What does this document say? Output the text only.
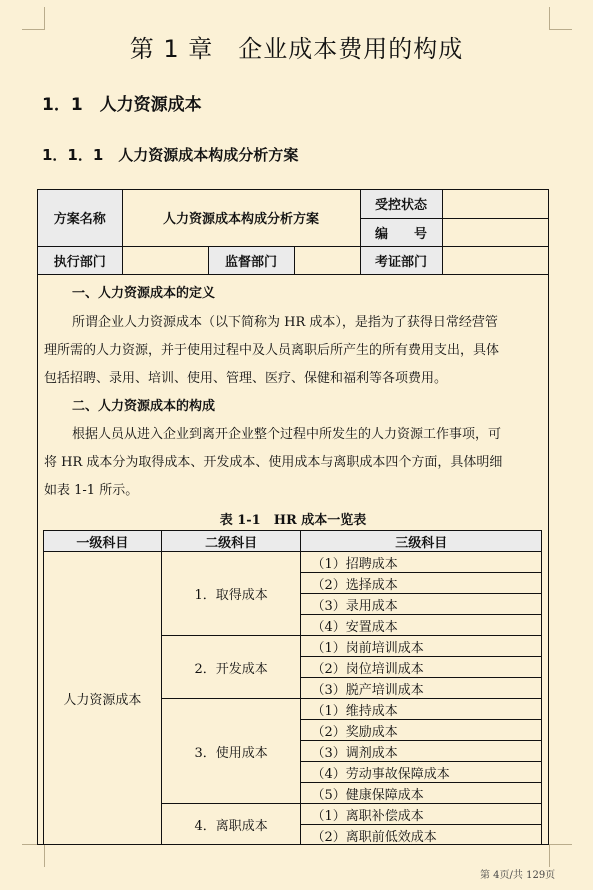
第 1 章　企业成本费用的构成
1．1　人力资源成本
1．1．1　人力资源成本构成分析方案
方案名称	人力资源成本构成分析方案			受控状态	
				编　　号	
执行部门		监督部门		考证部门	
一、人力资源成本的定义
所谓企业人力资源成本（以下简称为 HR 成本），是指为了获得日常经营管
理所需的人力资源，并于使用过程中及人员离职后所产生的所有费用支出，具体
包括招聘、录用、培训、使用、管理、医疗、保健和福利等各项费用。
二、人力资源成本的构成
根据人员从进入企业到离开企业整个过程中所发生的人力资源工作事项，可
将 HR 成本分为取得成本、开发成本、使用成本与离职成本四个方面，具体明细
如表 1-1 所示。
表 1-1　HR 成本一览表
一级科目	二级科目	三级科目
人力资源成本	1．取得成本	（1）招聘成本
		（2）选择成本
		（3）录用成本
		（4）安置成本
	2．开发成本	（1）岗前培训成本
		（2）岗位培训成本
		（3）脱产培训成本
	3．使用成本	（1）维持成本
		（2）奖励成本
		（3）调剂成本
		（4）劳动事故保障成本
		（5）健康保障成本
	4．离职成本	（1）离职补偿成本
		（2）离职前低效成本
第 4页/共 129页
